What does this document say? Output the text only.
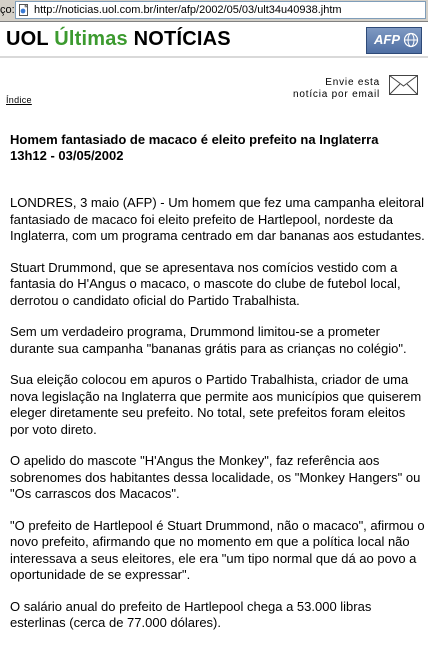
ço: http://noticias.uol.com.br/inter/afp/2002/05/03/ult34u40938.jhtm
UOL Últimas NOTÍCIAS	AFP
Envie esta
notícia por email
Índice
Homem fantasiado de macaco é eleito prefeito na Inglaterra
13h12 - 03/05/2002

LONDRES, 3 maio (AFP) - Um homem que fez uma campanha eleitoral fantasiado de macaco foi eleito prefeito de Hartlepool, nordeste da Inglaterra, com um programa centrado em dar bananas aos estudantes.

Stuart Drummond, que se apresentava nos comícios vestido com a fantasia do H'Angus o macaco, o mascote do clube de futebol local, derrotou o candidato oficial do Partido Trabalhista.

Sem um verdadeiro programa, Drummond limitou-se a prometer durante sua campanha "bananas grátis para as crianças no colégio".

Sua eleição colocou em apuros o Partido Trabalhista, criador de uma nova legislação na Inglaterra que permite aos municípios que quiserem eleger diretamente seu prefeito. No total, sete prefeitos foram eleitos por voto direto.

O apelido do mascote "H'Angus the Monkey", faz referência aos sobrenomes dos habitantes dessa localidade, os "Monkey Hangers" ou "Os carrascos dos Macacos".

"O prefeito de Hartlepool é Stuart Drummond, não o macaco", afirmou o novo prefeito, afirmando que no momento em que a política local não interessava a seus eleitores, ele era "um tipo normal que dá ao povo a oportunidade de se expressar".

O salário anual do prefeito de Hartlepool chega a 53.000 libras esterlinas (cerca de 77.000 dólares).
